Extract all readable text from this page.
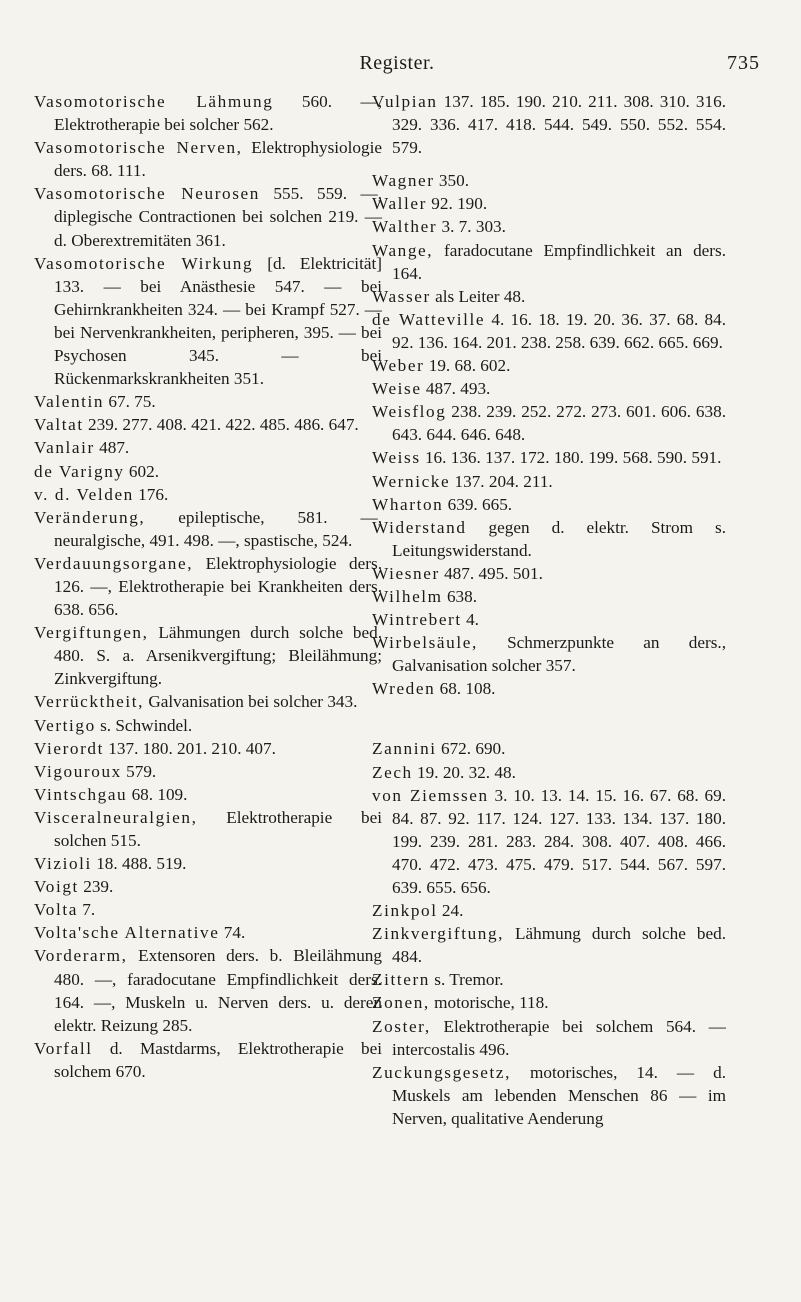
Register.	735

Vasomotorische Lähmung 560. —, Elektrotherapie bei solcher 562.

Vasomotorische Nerven, Elektrophysiologie ders. 68. 111.

Vasomotorische Neurosen 555. 559. —, diplegische Contractionen bei solchen 219. — d. Oberextremitäten 361.

Vasomotorische Wirkung [d. Elektricität] 133. — bei Anästhesie 547. — bei Gehirnkrankheiten 324. — bei Krampf 527. — bei Nervenkrankheiten, peripheren, 395. — bei Psychosen 345. — bei Rückenmarkskrankheiten 351.

Valentin 67. 75.

Valtat 239. 277. 408. 421. 422. 485. 486. 647.

Vanlair 487.

de Varigny 602.

v. d. Velden 176.

Veränderung, epileptische, 581. —, neuralgische, 491. 498. —, spastische, 524.

Verdauungsorgane, Elektrophysiologie ders. 126. —, Elektrotherapie bei Krankheiten ders. 638. 656.

Vergiftungen, Lähmungen durch solche bed. 480. S. a. Arsenikvergiftung; Bleilähmung; Zinkvergiftung.

Verrücktheit, Galvanisation bei solcher 343.

Vertigo s. Schwindel.

Vierordt 137. 180. 201. 210. 407.

Vigouroux 579.

Vintschgau 68. 109.

Visceralneuralgien, Elektrotherapie bei solchen 515.

Vizioli 18. 488. 519.

Voigt 239.

Volta 7.

Volta'sche Alternative 74.

Vorderarm, Extensoren ders. b. Bleilähmung 480. —, faradocutane Empfindlichkeit ders. 164. —, Muskeln u. Nerven ders. u. deren elektr. Reizung 285.

Vorfall d. Mastdarms, Elektrotherapie bei solchem 670.

Vulpian 137. 185. 190. 210. 211. 308. 310. 316. 329. 336. 417. 418. 544. 549. 550. 552. 554. 579.

Wagner 350.

Waller 92. 190.

Walther 3. 7. 303.

Wange, faradocutane Empfindlichkeit an ders. 164.

Wasser als Leiter 48.

de Watteville 4. 16. 18. 19. 20. 36. 37. 68. 84. 92. 136. 164. 201. 238. 258. 639. 662. 665. 669.

Weber 19. 68. 602.

Weise 487. 493.

Weisflog 238. 239. 252. 272. 273. 601. 606. 638. 643. 644. 646. 648.

Weiss 16. 136. 137. 172. 180. 199. 568. 590. 591.

Wernicke 137. 204. 211.

Wharton 639. 665.

Widerstand gegen d. elektr. Strom s. Leitungswiderstand.

Wiesner 487. 495. 501.

Wilhelm 638.

Wintrebert 4.

Wirbelsäule, Schmerzpunkte an ders., Galvanisation solcher 357.

Wreden 68. 108.

Zannini 672. 690.

Zech 19. 20. 32. 48.

von Ziemssen 3. 10. 13. 14. 15. 16. 67. 68. 69. 84. 87. 92. 117. 124. 127. 133. 134. 137. 180. 199. 239. 281. 283. 284. 308. 407. 408. 466. 470. 472. 473. 475. 479. 517. 544. 567. 597. 639. 655. 656.

Zinkpol 24.

Zinkvergiftung, Lähmung durch solche bed. 484.

Zittern s. Tremor.

Zonen, motorische, 118.

Zoster, Elektrotherapie bei solchem 564. — intercostalis 496.

Zuckungsgesetz, motorisches, 14. — d. Muskels am lebenden Menschen 86 — im Nerven, qualitative Aenderung
